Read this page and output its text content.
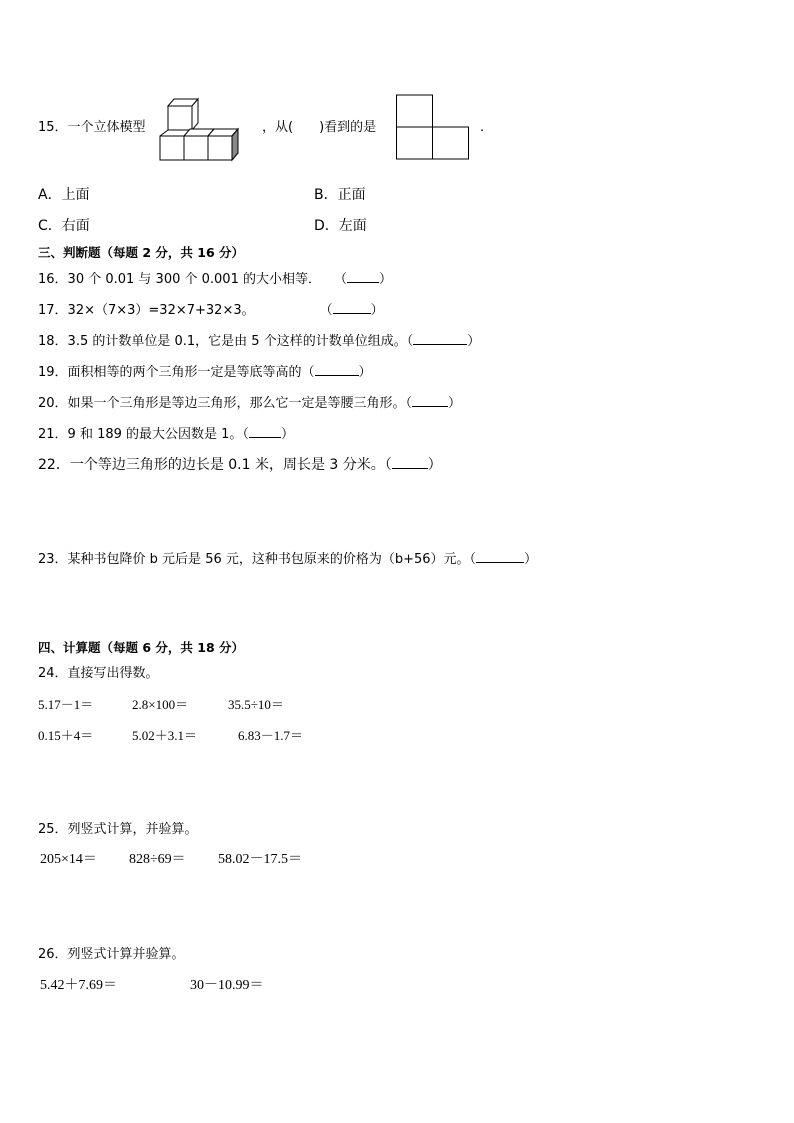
15．一个立体模型	，从(　　)看到的是	.
A．上面	B．正面
C．右面	D．左面
三、判断题（每题 2 分，共 16 分）
16．30 个 0.01 与 300 个 0.001 的大小相等．　　（ ）
17．32×（7×3）=32×7+32×3。　　　　　　（	）
18．3.5 的计数单位是 0.1，它是由 5 个这样的计数单位组成。（	）
19．面积相等的两个三角形一定是等底等高的（	）
20．如果一个三角形是等边三角形，那么它一定是等腰三角形。（	）
21．9 和 189 的最大公因数是 1。（ ）
22．一个等边三角形的边长是 0.1 米，周长是 3 分米。（	）
23．某种书包降价 b 元后是 56 元，这种书包原来的价格为（b+56）元。（	）
四、计算题（每题 6 分，共 18 分）
24．直接写出得数。
5.17－1＝	2.8×100＝	35.5÷10＝
0.15＋4＝	5.02＋3.1＝	6.83－1.7＝
25．列竖式计算，并验算。
205×14＝ 828÷69＝ 58.02－17.5＝
26．列竖式计算并验算。
5.42＋7.69＝	30－10.99＝
